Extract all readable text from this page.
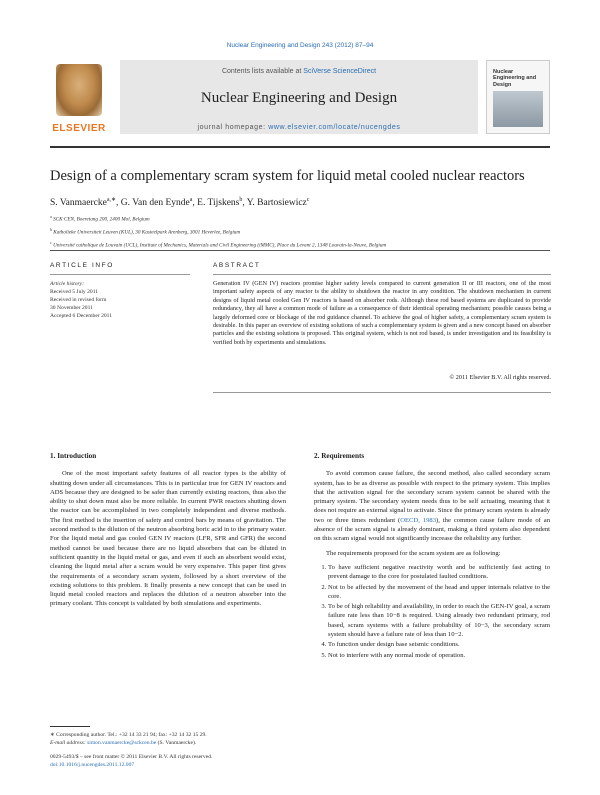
Nuclear Engineering and Design 243 (2012) 87–94
ELSEVIER
Contents lists available at SciVerse ScienceDirect
Nuclear Engineering and Design
journal homepage: www.elsevier.com/locate/nucengdes
Nuclear Engineering and Design
Design of a complementary scram system for liquid metal cooled nuclear reactors
S. Vanmaercke$^{a,∗}$, G. Van den Eynde$^a$, E. Tijskens$^b$, Y. Bartosiewicz$^c$
$^a$ SCK·CEN, Boeretang 200, 2400 Mol, Belgium
$^b$ Katholieke Universiteit Leuven (KUL), 30 Kasteelpark Arenberg, 3001 Heverlee, Belgium
$^c$ Université catholique de Louvain (UCL), Institute of Mechanics, Materials and Civil Engineering (iMMC), Place du Levant 2, 1348 Louvain-la-Neuve, Belgium
ARTICLE INFO	ABSTRACT
Article history:
Received 5 July 2011
Received in revised form
30 November 2011
Accepted 6 December 2011
Generation IV (GEN IV) reactors promise higher safety levels compared to current generation II or III reactors, one of the most important safety aspects of any reactor is the ability to shutdown the reactor in any condition. The shutdown mechanism in current designs of liquid metal cooled Gen IV reactors is based on absorber rods. Although these rod based systems are duplicated to provide redundancy, they all have a common mode of failure as a consequence of their identical operating mechanism; possible causes being a largely deformed core or blockage of the rod guidance channel. To achieve the goal of higher safety, a complementary scram system is desirable. In this paper an overview of existing solutions of such a complementary system is given and a new concept based on absorber particles and the existing solutions is proposed. This original system, which is not rod based, is under investigation and its feasibility is verified both by experiments and simulations.
© 2011 Elsevier B.V. All rights reserved.
1. Introduction

One of the most important safety features of all reactor types is the ability of shutting down under all circumstances. This is in particular true for GEN IV reactors and ADS because they are designed to be safer than currently existing reactors, thus also the ability to shut down must also be more reliable. In current PWR reactors shutting down the reactor can be accomplished in two completely independent and diverse methods. The first method is the insertion of safety and control bars by means of gravitation. The second method is the dilution of the neutron absorbing boric acid in to the primary water. For the liquid metal and gas cooled GEN IV reactors (LFR, SFR and GFR) the second method cannot be used because there are no liquid absorbers that can be diluted in sufficient quantity in the liquid metal or gas, and even if such an absorbent would exist, cleaning the liquid metal after a scram would be very expensive. This paper first gives the requirements of a secondary scram system, followed by a short overview of the existing solutions to this problem. It finally presents a new concept that can be used in liquid metal cooled reactors and replaces the dilution of a neutron absorber into the primary coolant. This concept is validated by both simulations and experiments.

2. Requirements

To avoid common cause failure, the second method, also called secondary scram system, has to be as diverse as possible with respect to the primary system. This implies that the activation signal for the secondary scram system cannot be shared with the primary system. The secondary system needs thus to be self actuating, meaning that it does not require an external signal to activate. Since the primary scram system is already two or three times redundant (OECD, 1983), the common cause failure mode of an absence of the scram signal is already dominant, making a third system also dependent on this scram signal would not significantly increase the reliability any further.

The requirements proposed for the scram system are as following:

1. To have sufficient negative reactivity worth and be sufficiently fast acting to prevent damage to the core for postulated faulted conditions.
2. Not to be affected by the movement of the head and upper internals relative to the core.
3. To be of high reliability and availability, in order to reach the GEN-IV goal, a scram failure rate less than 10−8 is required. Using already two redundant primary, rod based, scram systems with a failure probability of 10−3, the secondary scram system should have a failure rate of less than 10−2.
4. To function under design base seismic conditions.
5. Not to interfere with any normal mode of operation.
∗ Corresponding author. Tel.: +32 14 33 21 94; fax: +32 14 32 15 29.
E-mail address: simon.vanmaercke@sckcen.be (S. Vanmaercke).
0029-5493/$ – see front matter © 2011 Elsevier B.V. All rights reserved.
doi:10.1016/j.nucengdes.2011.12.007
